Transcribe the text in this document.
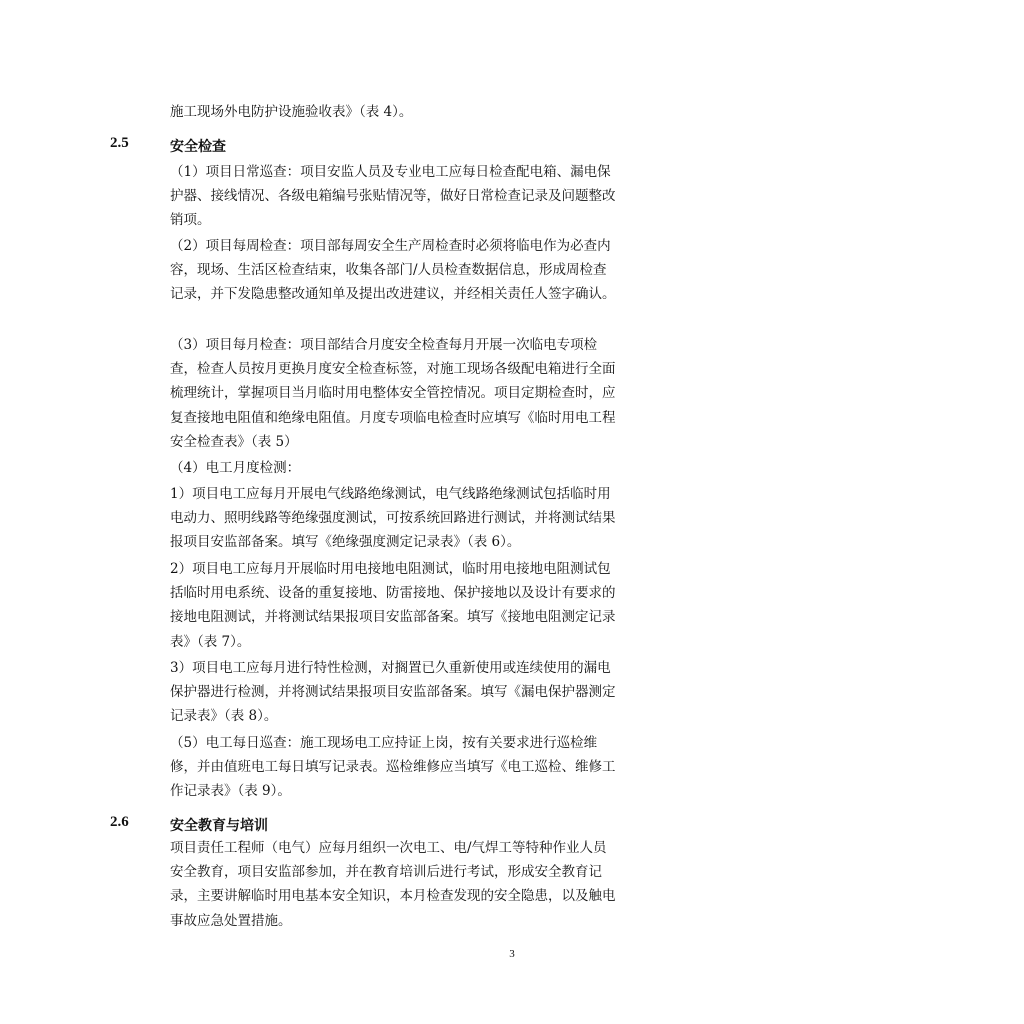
施工现场外电防护设施验收表》（表 4）。
2.5	安全检查
（1）项目日常巡查：项目安监人员及专业电工应每日检查配电箱、漏电保护器、接线情况、各级电箱编号张贴情况等，做好日常检查记录及问题整改销项。
（2）项目每周检查：项目部每周安全生产周检查时必须将临电作为必查内容，现场、生活区检查结束，收集各部门/人员检查数据信息，形成周检查记录，并下发隐患整改通知单及提出改进建议，并经相关责任人签字确认。
（3）项目每月检查：项目部结合月度安全检查每月开展一次临电专项检查，检查人员按月更换月度安全检查标签，对施工现场各级配电箱进行全面梳理统计，掌握项目当月临时用电整体安全管控情况。项目定期检查时，应复查接地电阻值和绝缘电阻值。月度专项临电检查时应填写《临时用电工程安全检查表》（表 5）
（4）电工月度检测：
1）项目电工应每月开展电气线路绝缘测试，电气线路绝缘测试包括临时用电动力、照明线路等绝缘强度测试，可按系统回路进行测试，并将测试结果报项目安监部备案。填写《绝缘强度测定记录表》（表 6）。
2）项目电工应每月开展临时用电接地电阻测试，临时用电接地电阻测试包括临时用电系统、设备的重复接地、防雷接地、保护接地以及设计有要求的接地电阻测试，并将测试结果报项目安监部备案。填写《接地电阻测定记录表》（表 7）。
3）项目电工应每月进行特性检测，对搁置已久重新使用或连续使用的漏电保护器进行检测，并将测试结果报项目安监部备案。填写《漏电保护器测定记录表》（表 8）。
（5）电工每日巡查：施工现场电工应持证上岗，按有关要求进行巡检维修，并由值班电工每日填写记录表。巡检维修应当填写《电工巡检、维修工作记录表》（表 9）。
2.6	安全教育与培训
项目责任工程师（电气）应每月组织一次电工、电/气焊工等特种作业人员安全教育，项目安监部参加，并在教育培训后进行考试，形成安全教育记录，主要讲解临时用电基本安全知识，本月检查发现的安全隐患，以及触电事故应急处置措施。
3
